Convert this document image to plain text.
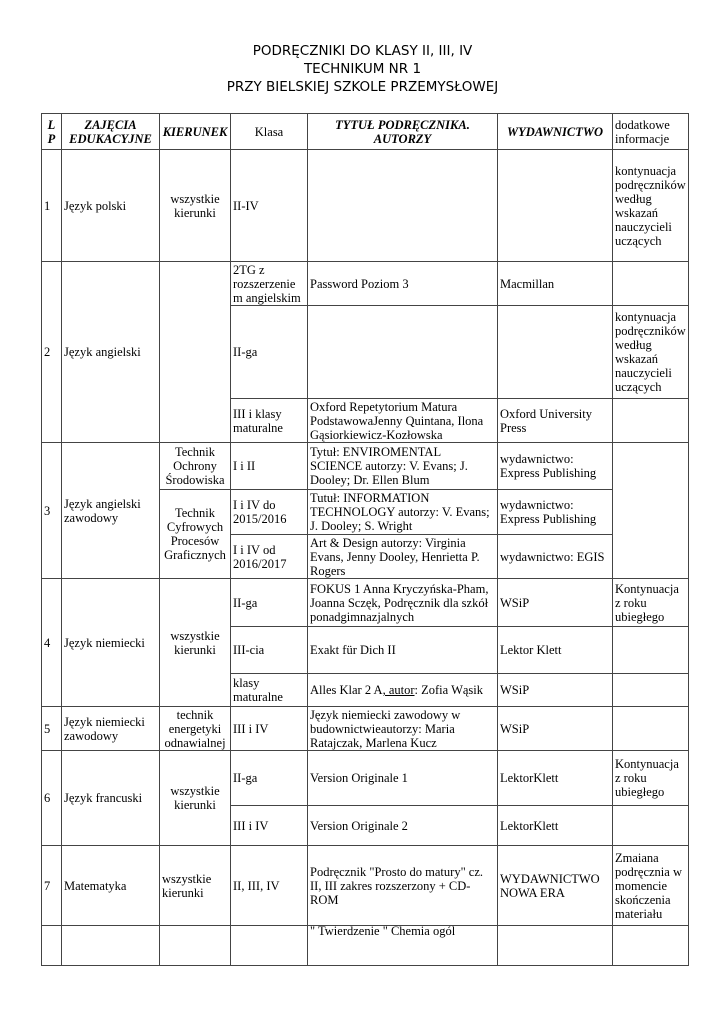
PODRĘCZNIKI DO KLASY II, III, IV
TECHNIKUM NR 1
PRZY BIELSKIEJ SZKOLE PRZEMYSŁOWEJ
LP	ZAJĘCIA EDUKACYJNE	KIERUNEK	Klasa	TYTUŁ PODRĘCZNIKA. AUTORZY	WYDAWNICTWO	dodatkowe informacje
1	Język polski	wszystkie kierunki	II-IV			kontynuacja podręczników według wskazań nauczycieli uczących
2	Język angielski		2TG z rozszerzeniem angielskim	Password Poziom 3	Macmillan	
			II-ga			kontynuacja podręczników według wskazań nauczycieli uczących
			III i klasy maturalne	Oxford Repetytorium Matura PodstawowaJenny Quintana, Ilona Gąsiorkiewicz-Kozłowska	Oxford University Press	
3	Język angielski zawodowy	Technik Ochrony Środowiska	I i II	Tytuł: ENVIROMENTAL SCIENCE autorzy: V. Evans; J. Dooley; Dr. Ellen Blum	wydawnictwo: Express Publishing	
		Technik Cyfrowych Procesów Graficznych	I i IV do 2015/2016	Tutuł: INFORMATION TECHNOLOGY autorzy: V. Evans; J. Dooley; S. Wright	wydawnictwo: Express Publishing	
			I i IV od 2016/2017	Art & Design autorzy: Virginia Evans, Jenny Dooley, Henrietta P. Rogers	wydawnictwo: EGIS	
4	Język niemiecki	wszystkie kierunki	II-ga	FOKUS 1 Anna Kryczyńska-Pham, Joanna Sczęk, Podręcznik dla szkół ponadgimnazjalnych	WSiP	Kontynuacja z roku ubiegłego
			III-cia	Exakt für Dich II	Lektor Klett	
			klasy maturalne	Alles Klar 2 A, autor: Zofia Wąsik	WSiP	
5	Język niemiecki zawodowy	technik energetyki odnawialnej	III i IV	Język niemiecki zawodowy w budownictwieautorzy: Maria Ratajczak, Marlena Kucz	WSiP	
6	Język francuski	wszystkie kierunki	II-ga	Version Originale 1	LektorKlett	Kontynuacja z roku ubiegłego
			III i IV	Version Originale 2	LektorKlett	
7	Matematyka	wszystkie kierunki	II, III, IV	Podręcznik "Prosto do matury" cz. II, III zakres rozszerzony + CD-ROM	WYDAWNICTWO NOWA ERA	Zmaiana podręcznia w momencie skończenia materiału
				" Twierdzenie " Chemia ogól		
